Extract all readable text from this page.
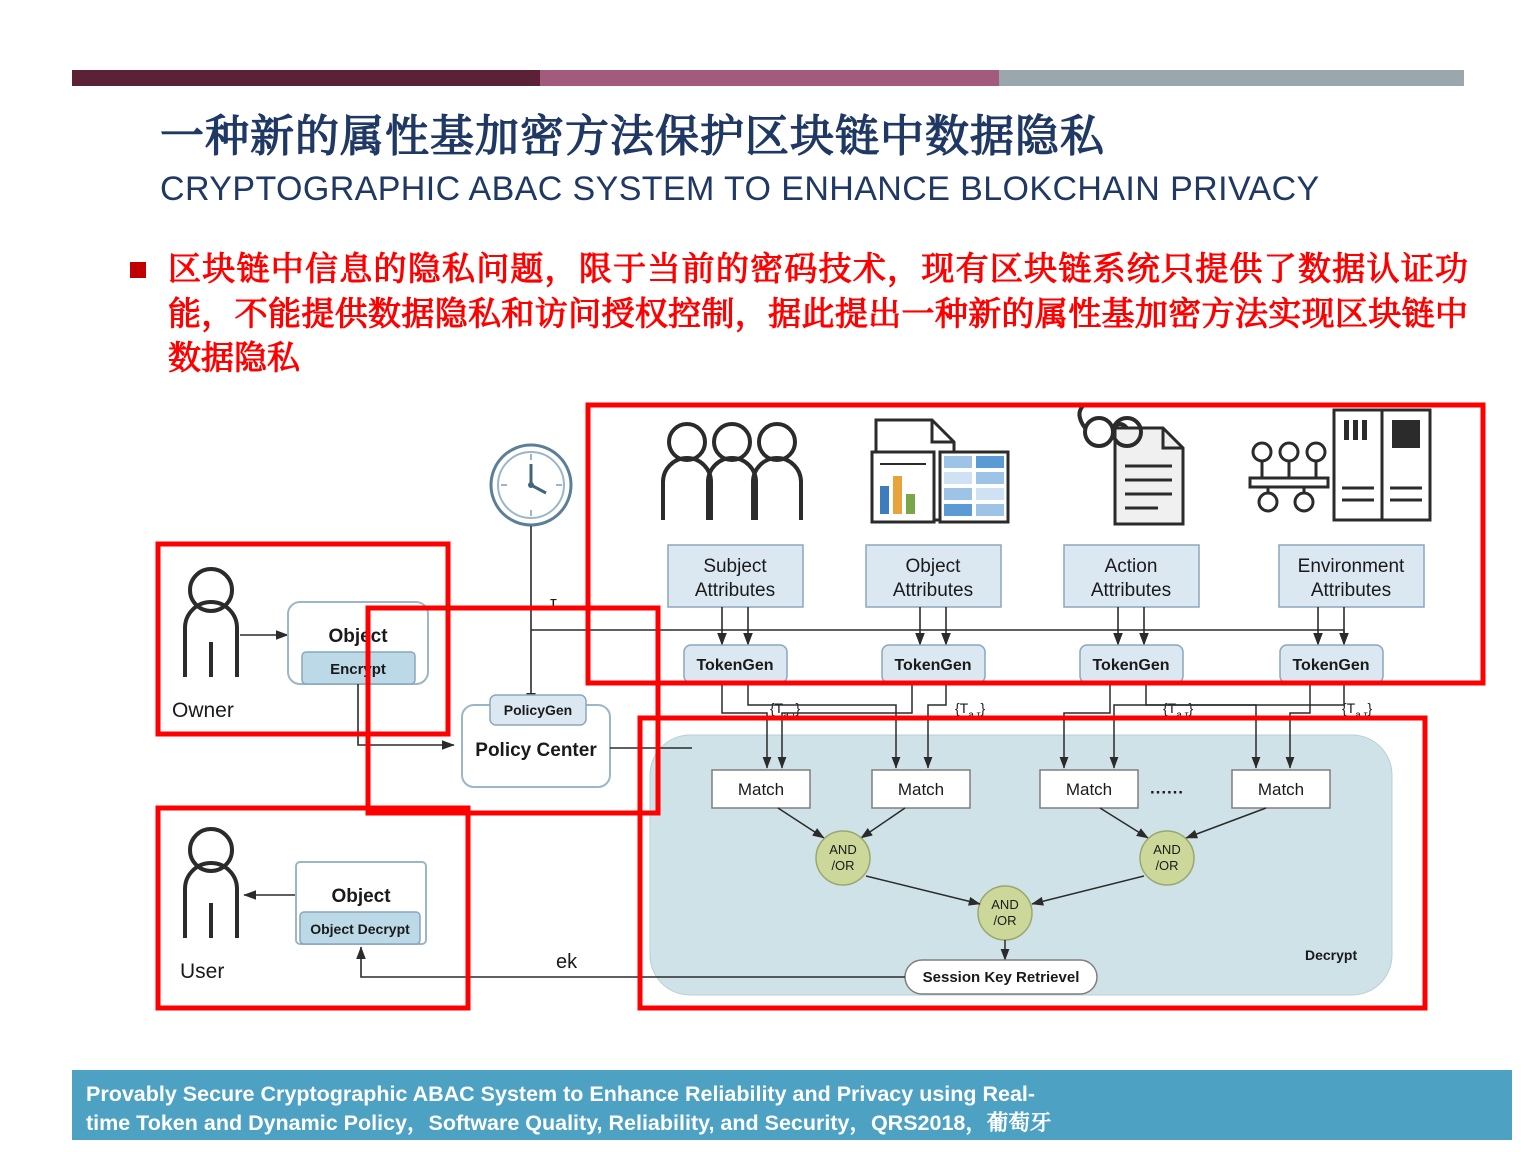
一种新的属性基加密方法保护区块链中数据隐私
CRYPTOGRAPHIC ABAC SYSTEM TO ENHANCE BLOKCHAIN PRIVACY
区块链中信息的隐私问题，限于当前的密码技术，现有区块链系统只提供了数据认证功能，不能提供数据隐私和访问授权控制，据此提出一种新的属性基加密方法实现区块链中数据隐私
Decrypt
τ
Subject
Attributes
Object
Attributes
Action
Attributes
Environment
Attributes
TokenGen	TokenGen	TokenGen	TokenGen
$\{T_{a,\tau}\}$	$\{T_{a,\tau}\}$	$\{T_{a,\tau}\}$	$\{T_{a,\tau}\}$
Match	Match	Match	Match
······
AND
/OR
AND
/OR
AND
/OR
Session Key Retrievel
Owner
Object
Encrypt
PolicyGen
Policy Center
User
Object
Object Decrypt
ek
Provably Secure Cryptographic ABAC System to Enhance Reliability and Privacy using Real-
time Token and Dynamic Policy，Software Quality, Reliability, and Security，QRS2018，葡萄牙
